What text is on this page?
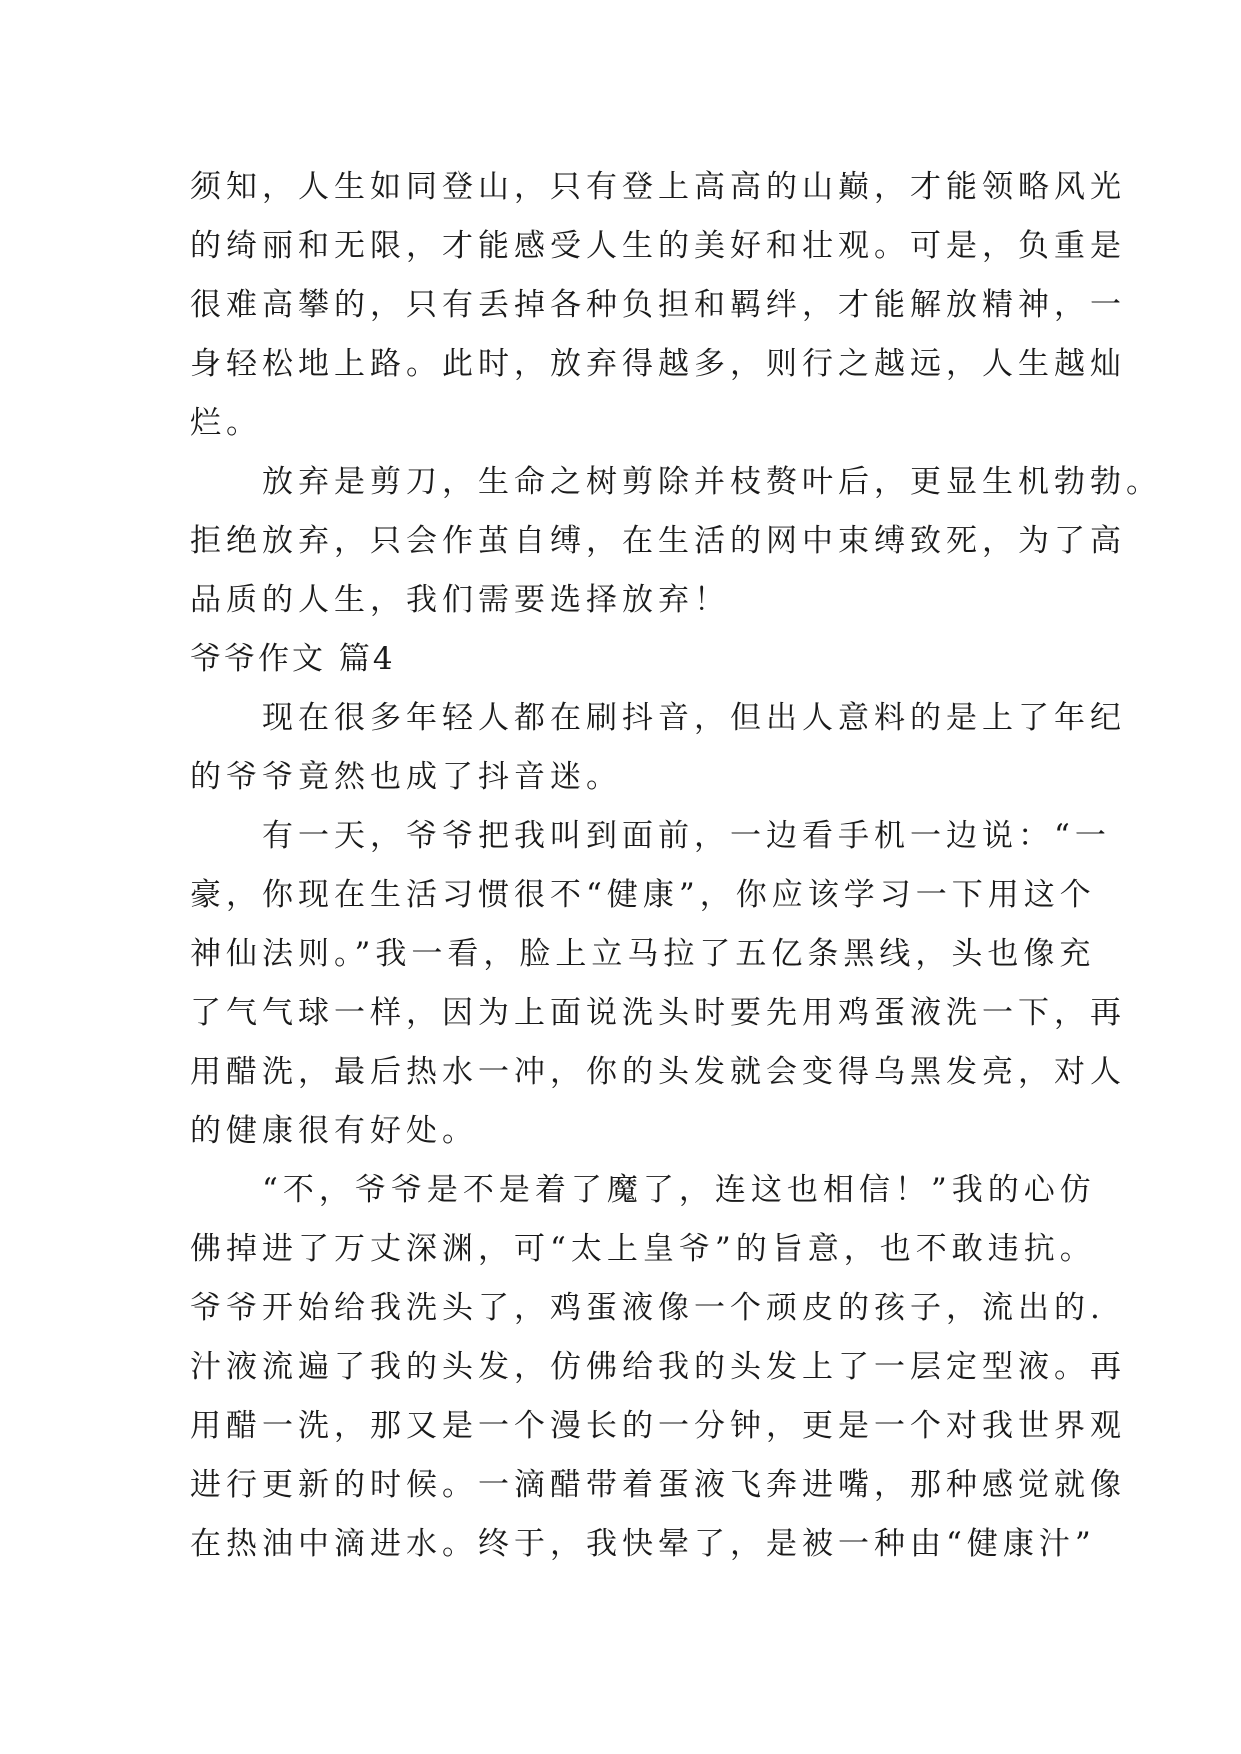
须知，人生如同登山，只有登上高高的山巅，才能领略风光
的绮丽和无限，才能感受人生的美好和壮观。可是，负重是
很难高攀的，只有丢掉各种负担和羁绊，才能解放精神，一
身轻松地上路。此时，放弃得越多，则行之越远，人生越灿
烂。
　　放弃是剪刀，生命之树剪除并枝赘叶后，更显生机勃勃。
拒绝放弃，只会作茧自缚，在生活的网中束缚致死，为了高
品质的人生，我们需要选择放弃！
爷爷作文 篇4
　　现在很多年轻人都在刷抖音，但出人意料的是上了年纪
的爷爷竟然也成了抖音迷。
　　有一天，爷爷把我叫到面前，一边看手机一边说：“一
豪，你现在生活习惯很不“健康”，你应该学习一下用这个
神仙法则。”我一看，脸上立马拉了五亿条黑线，头也像充
了气气球一样，因为上面说洗头时要先用鸡蛋液洗一下，再
用醋洗，最后热水一冲，你的头发就会变得乌黑发亮，对人
的健康很有好处。
　　“不，爷爷是不是着了魔了，连这也相信！”我的心仿
佛掉进了万丈深渊，可“太上皇爷”的旨意，也不敢违抗。
爷爷开始给我洗头了，鸡蛋液像一个顽皮的孩子，流出的.
汁液流遍了我的头发，仿佛给我的头发上了一层定型液。再
用醋一洗，那又是一个漫长的一分钟，更是一个对我世界观
进行更新的时候。一滴醋带着蛋液飞奔进嘴，那种感觉就像
在热油中滴进水。终于，我快晕了，是被一种由“健康汁”
